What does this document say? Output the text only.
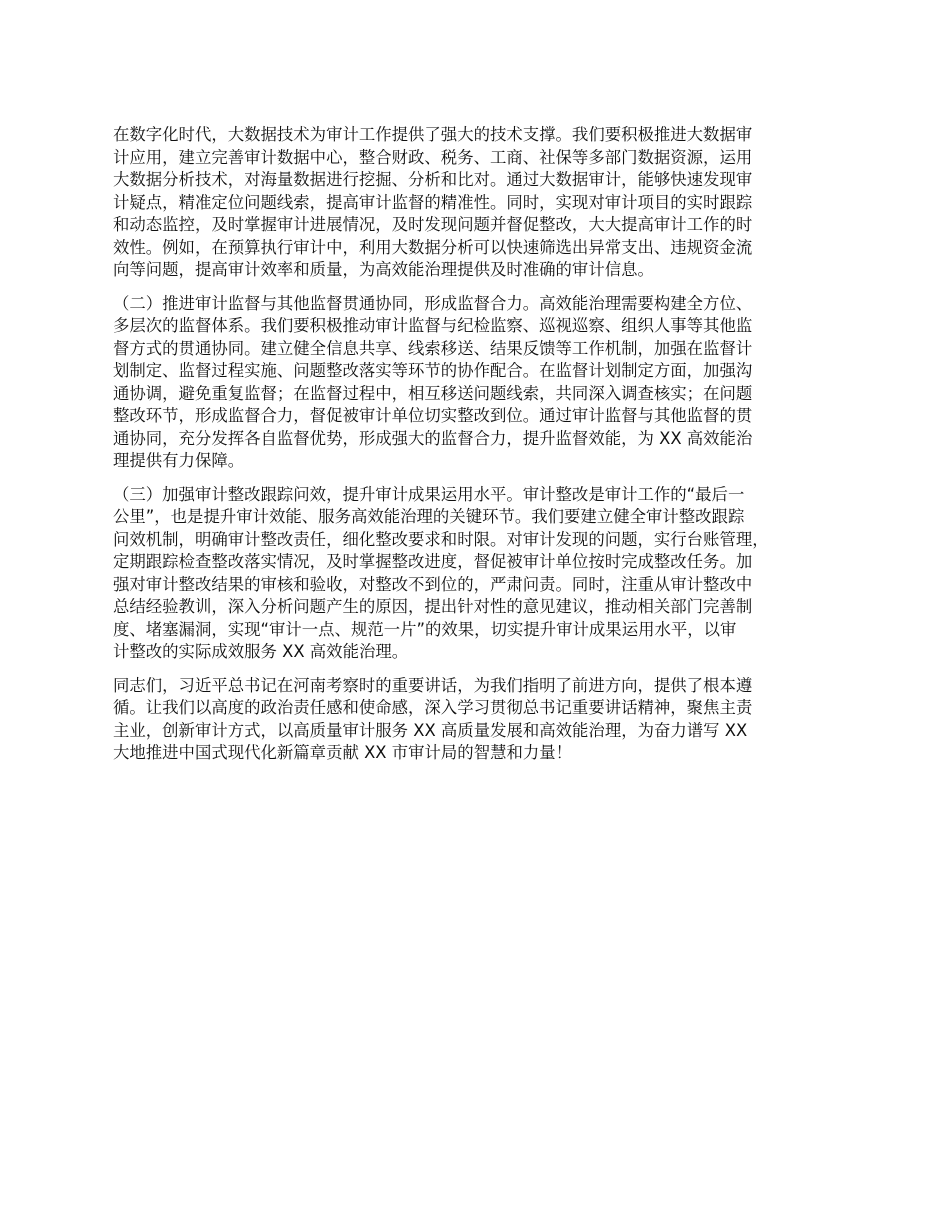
在数字化时代，大数据技术为审计工作提供了强大的技术支撑。我们要积极推进大数据审
计应用，建立完善审计数据中心，整合财政、税务、工商、社保等多部门数据资源，运用
大数据分析技术，对海量数据进行挖掘、分析和比对。通过大数据审计，能够快速发现审
计疑点，精准定位问题线索，提高审计监督的精准性。同时，实现对审计项目的实时跟踪
和动态监控，及时掌握审计进展情况，及时发现问题并督促整改，大大提高审计工作的时
效性。例如，在预算执行审计中，利用大数据分析可以快速筛选出异常支出、违规资金流
向等问题，提高审计效率和质量，为高效能治理提供及时准确的审计信息。

（二）推进审计监督与其他监督贯通协同，形成监督合力。高效能治理需要构建全方位、
多层次的监督体系。我们要积极推动审计监督与纪检监察、巡视巡察、组织人事等其他监
督方式的贯通协同。建立健全信息共享、线索移送、结果反馈等工作机制，加强在监督计
划制定、监督过程实施、问题整改落实等环节的协作配合。在监督计划制定方面，加强沟
通协调，避免重复监督；在监督过程中，相互移送问题线索，共同深入调查核实；在问题
整改环节，形成监督合力，督促被审计单位切实整改到位。通过审计监督与其他监督的贯
通协同，充分发挥各自监督优势，形成强大的监督合力，提升监督效能，为 XX 高效能治
理提供有力保障。

（三）加强审计整改跟踪问效，提升审计成果运用水平。审计整改是审计工作的“最后一
公里”，也是提升审计效能、服务高效能治理的关键环节。我们要建立健全审计整改跟踪
问效机制，明确审计整改责任，细化整改要求和时限。对审计发现的问题，实行台账管理，
定期跟踪检查整改落实情况，及时掌握整改进度，督促被审计单位按时完成整改任务。加
强对审计整改结果的审核和验收，对整改不到位的，严肃问责。同时，注重从审计整改中
总结经验教训，深入分析问题产生的原因，提出针对性的意见建议，推动相关部门完善制
度、堵塞漏洞，实现“审计一点、规范一片”的效果，切实提升审计成果运用水平，以审
计整改的实际成效服务 XX 高效能治理。

同志们，习近平总书记在河南考察时的重要讲话，为我们指明了前进方向，提供了根本遵
循。让我们以高度的政治责任感和使命感，深入学习贯彻总书记重要讲话精神，聚焦主责
主业，创新审计方式，以高质量审计服务 XX 高质量发展和高效能治理，为奋力谱写 XX
大地推进中国式现代化新篇章贡献 XX 市审计局的智慧和力量！
